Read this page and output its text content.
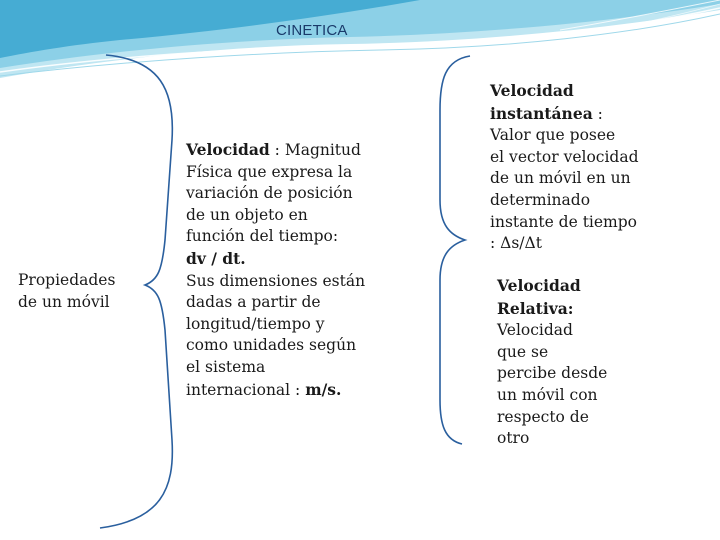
CINETICA
Propiedades
de un móvil
Velocidad : Magnitud
Física que expresa la
variación de posición
de un objeto en
función del tiempo:
dv / dt.
Sus dimensiones están
dadas a partir de
longitud/tiempo y
como unidades según
el sistema
internacional : m/s.
Velocidad
instantánea :
Valor que posee
el vector velocidad
de un móvil en un
determinado
instante de tiempo
: Δs/Δt
Velocidad
Relativa:
Velocidad
que se
percibe desde
un móvil con
respecto de
otro
